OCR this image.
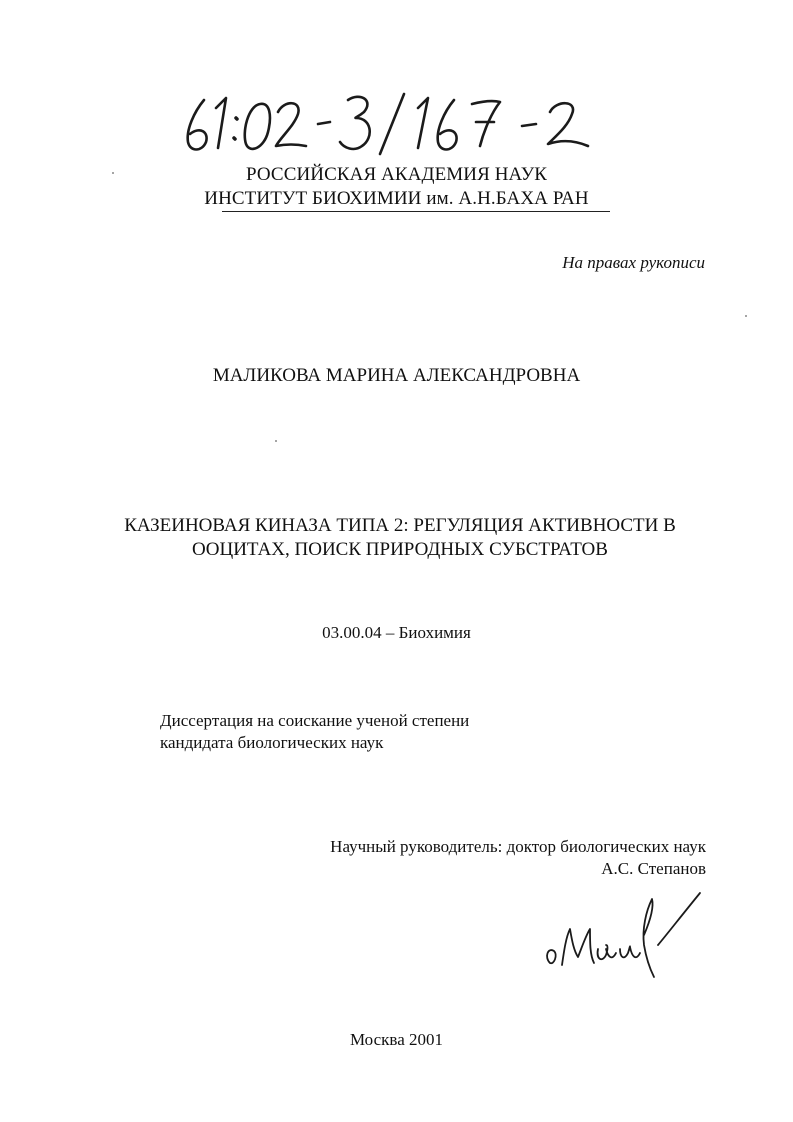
РОССИЙСКАЯ АКАДЕМИЯ НАУК
ИНСТИТУТ БИОХИМИИ им. А.Н.БАХА РАН
На правах рукописи
МАЛИКОВА МАРИНА АЛЕКСАНДРОВНА
КАЗЕИНОВАЯ КИНАЗА ТИПА 2: РЕГУЛЯЦИЯ АКТИВНОСТИ В
ООЦИТАХ, ПОИСК ПРИРОДНЫХ СУБСТРАТОВ
03.00.04 – Биохимия
Диссертация на соискание ученой степени
кандидата биологических наук
Научный руководитель: доктор биологических наук
А.С. Степанов
Москва 2001
